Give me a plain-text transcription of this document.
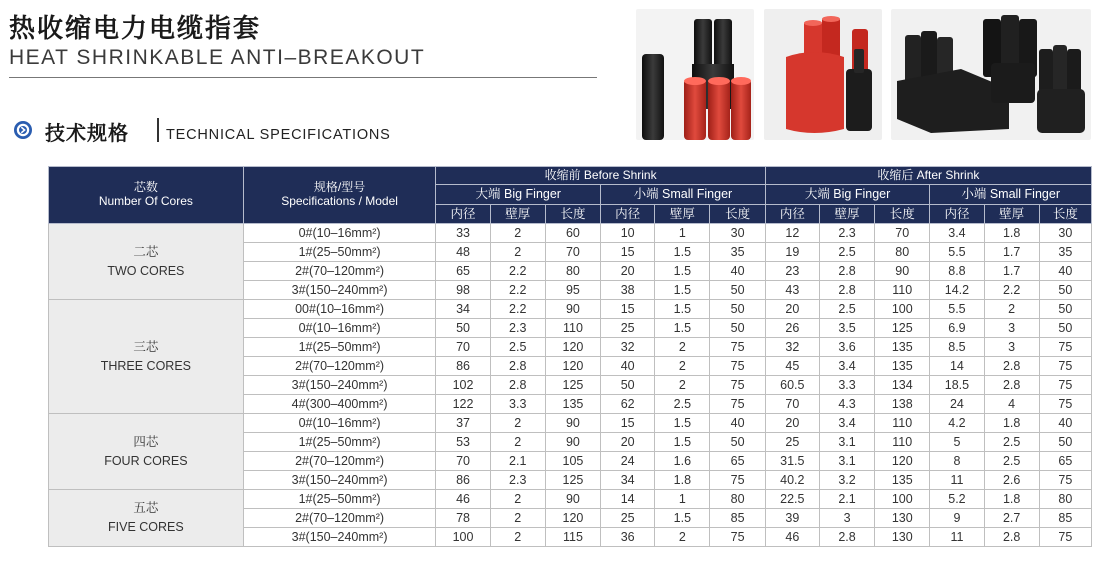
热收缩电力电缆指套
HEAT SHRINKABLE ANTI–BREAKOUT
技术规格	TECHNICAL SPECIFICATIONS
芯数
Number Of Cores	规格/型号
Specifications / Model	收缩前 Before Shrink						收缩后 After Shrink					
		大端 Big Finger			小端 Small Finger			大端 Big Finger			小端 Small Finger		
		内径	壁厚	长度	内径	壁厚	长度	内径	壁厚	长度	内径	壁厚	长度
二芯
TWO CORES	0#(10–16mm²)	33	2	60	10	1	30	12	2.3	70	3.4	1.8	30
	1#(25–50mm²)	48	2	70	15	1.5	35	19	2.5	80	5.5	1.7	35
	2#(70–120mm²)	65	2.2	80	20	1.5	40	23	2.8	90	8.8	1.7	40
	3#(150–240mm²)	98	2.2	95	38	1.5	50	43	2.8	110	14.2	2.2	50
三芯
THREE CORES	00#(10–16mm²)	34	2.2	90	15	1.5	50	20	2.5	100	5.5	2	50
	0#(10–16mm²)	50	2.3	110	25	1.5	50	26	3.5	125	6.9	3	50
	1#(25–50mm²)	70	2.5	120	32	2	75	32	3.6	135	8.5	3	75
	2#(70–120mm²)	86	2.8	120	40	2	75	45	3.4	135	14	2.8	75
	3#(150–240mm²)	102	2.8	125	50	2	75	60.5	3.3	134	18.5	2.8	75
	4#(300–400mm²)	122	3.3	135	62	2.5	75	70	4.3	138	24	4	75
四芯
FOUR CORES	0#(10–16mm²)	37	2	90	15	1.5	40	20	3.4	110	4.2	1.8	40
	1#(25–50mm²)	53	2	90	20	1.5	50	25	3.1	110	5	2.5	50
	2#(70–120mm²)	70	2.1	105	24	1.6	65	31.5	3.1	120	8	2.5	65
	3#(150–240mm²)	86	2.3	125	34	1.8	75	40.2	3.2	135	11	2.6	75
五芯
FIVE CORES	1#(25–50mm²)	46	2	90	14	1	80	22.5	2.1	100	5.2	1.8	80
	2#(70–120mm²)	78	2	120	25	1.5	85	39	3	130	9	2.7	85
	3#(150–240mm²)	100	2	115	36	2	75	46	2.8	130	11	2.8	75
